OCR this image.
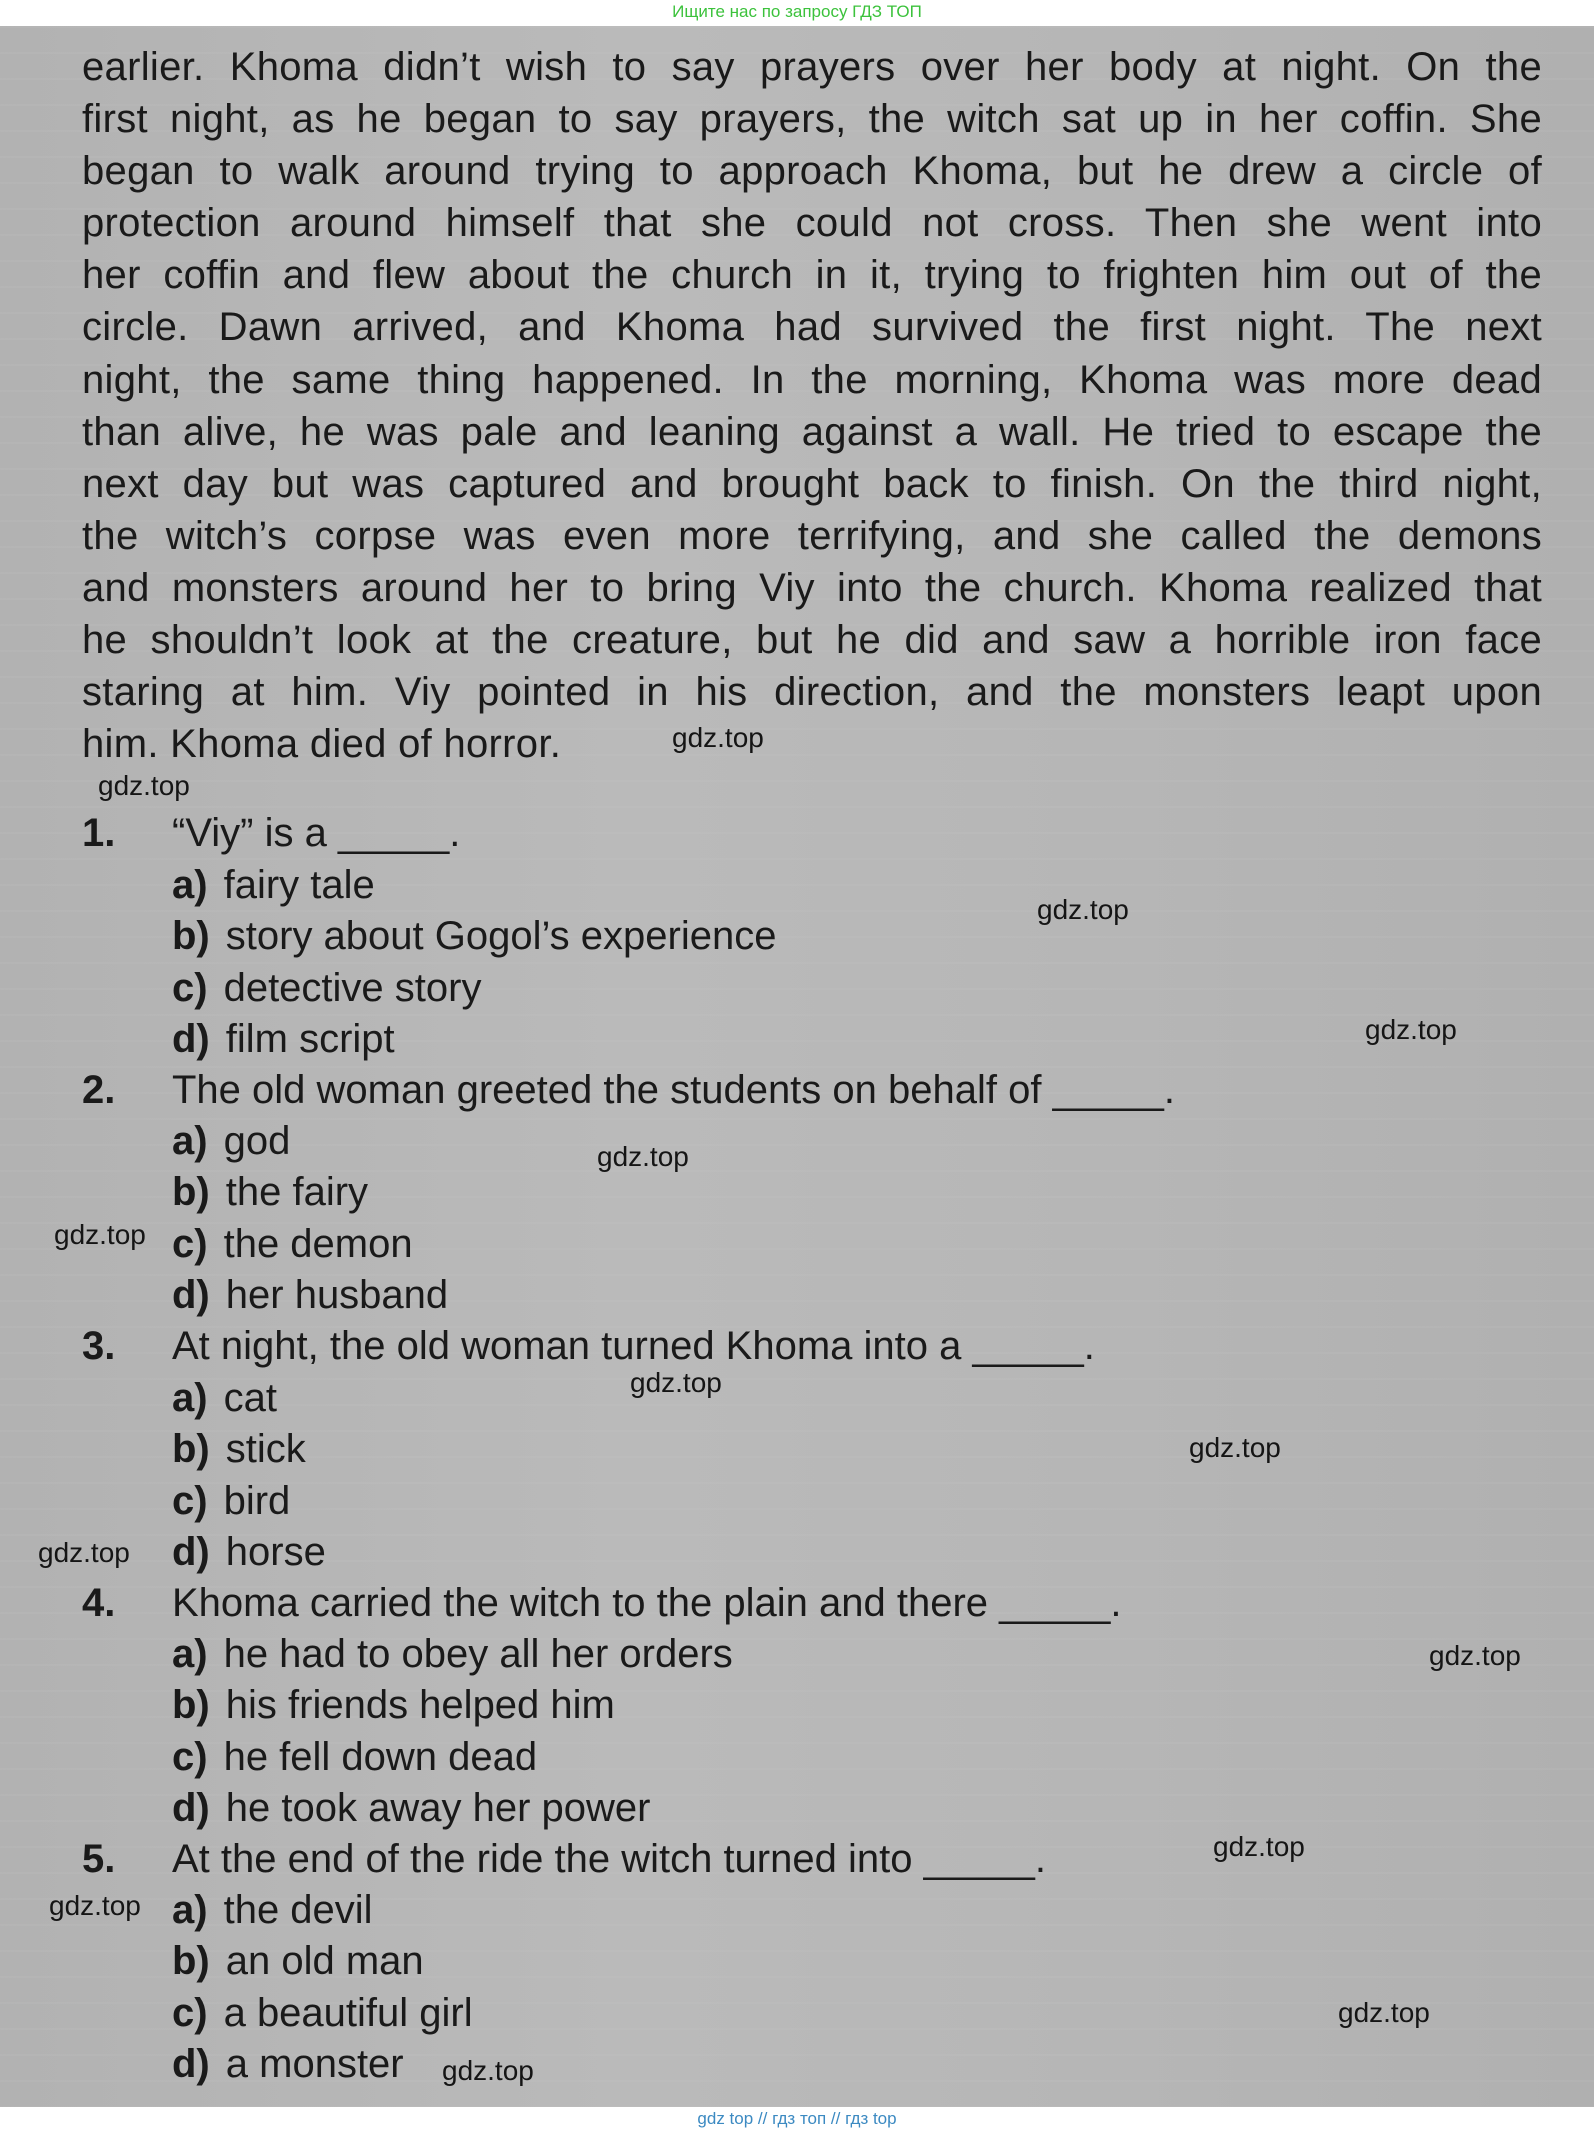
Ищите нас по запросу ГДЗ ТОП
earlier. Khoma didn’t wish to say prayers over her body at night. On the
first night, as he began to say prayers, the witch sat up in her coffin. She
began to walk around trying to approach Khoma, but he drew a circle of
protection around himself that she could not cross. Then she went into
her coffin and flew about the church in it, trying to frighten him out of the
circle. Dawn arrived, and Khoma had survived the first night. The next
night, the same thing happened. In the morning, Khoma was more dead
than alive, he was pale and leaning against a wall. He tried to escape the
next day but was captured and brought back to finish. On the third night,
the witch’s corpse was even more terrifying, and she called the demons
and monsters around her to bring Viy into the church. Khoma realized that
he shouldn’t look at the creature, but he did and saw a horrible iron face
staring at him. Viy pointed in his direction, and the monsters leapt upon
him. Khoma died of horror.
1.	“Viy” is a _____.
a) fairy tale
b) story about Gogol’s experience
c) detective story
d) film script
2.	The old woman greeted the students on behalf of _____.
a) god
b) the fairy
c) the demon
d) her husband
3.	At night, the old woman turned Khoma into a _____.
a) cat
b) stick
c) bird
d) horse
4.	Khoma carried the witch to the plain and there _____.
a) he had to obey all her orders
b) his friends helped him
c) he fell down dead
d) he took away her power
5.	At the end of the ride the witch turned into _____.
a) the devil
b) an old man
c) a beautiful girl
d) a monster
gdz.top
gdz.top
gdz.top
gdz.top
gdz.top
gdz.top
gdz.top
gdz.top
gdz.top
gdz.top
gdz.top
gdz.top
gdz.top
gdz.top
gdz top // гдз топ // гдз top
